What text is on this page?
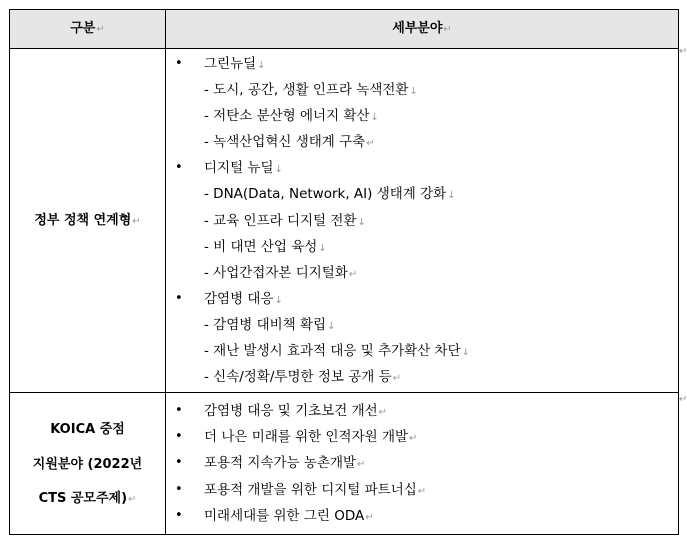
구분↵	세부분야↵
정부 정책 연계형↵
• 그린뉴딜↓
- 도시, 공간, 생활 인프라 녹색전환↓
- 저탄소 분산형 에너지 확산↓
- 녹색산업혁신 생태계 구축↵
• 디지털 뉴딜↓
- DNA(Data, Network, AI) 생태계 강화↓
- 교육 인프라 디지털 전환↓
- 비 대면 산업 육성↓
- 사업간접자본 디지털화↵
• 감염병 대응↓
- 감염병 대비책 확립↓
- 재난 발생시 효과적 대응 및 추가확산 차단↓
- 신속/정확/투명한 정보 공개 등↵
KOICA 중점
지원분야 (2022년
CTS 공모주제)↵
• 감염병 대응 및 기초보건 개선↵
• 더 나은 미래를 위한 인적자원 개발↵
• 포용적 지속가능 농촌개발↵
• 포용적 개발을 위한 디지털 파트너십↵
• 미래세대를 위한 그린 ODA↵
↵
↵
